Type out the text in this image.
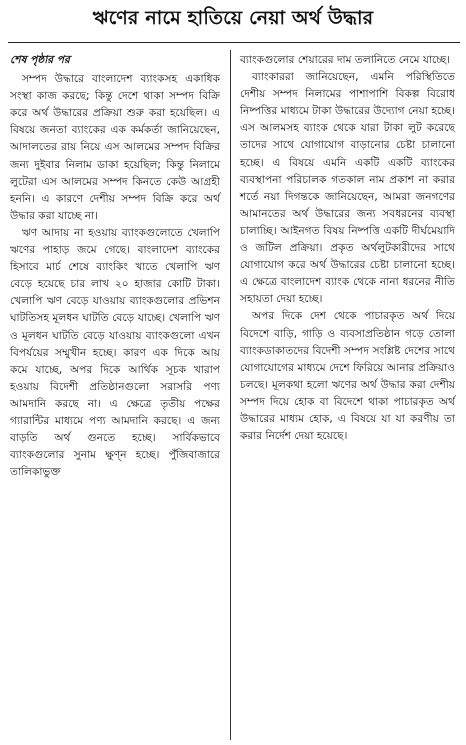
ঋণের নামে হাতিয়ে নেয়া অর্থ উদ্ধার
শেষ পৃষ্ঠার পর

সম্পদ উদ্ধারে বাংলাদেশ ব্যাংকসহ একাধিক সংস্থা কাজ করছে; কিন্তু দেশে থাকা সম্পদ বিক্রি করে অর্থ উদ্ধারের প্রক্রিয়া শুরু করা হয়েছিল। এ বিষয়ে জনতা ব্যাংকের এক কর্মকর্তা জানিয়েছেন, আদালতের রায় নিয়ে এস আলমের সম্পদ বিক্রির জন্য দুইবার নিলাম ডাকা হয়েছিল; কিন্তু নিলামে লুটেরা এস আলমের সম্পদ কিনতে কেউ আগ্রহী হননি। এ কারণে দেশীয় সম্পদ বিক্রি করে অর্থ উদ্ধার করা যাচ্ছে না।

ঋণ আদায় না হওয়ায় ব্যাংকগুলোতে খেলাপি ঋণের পাহাড় জমে গেছে। বাংলাদেশ ব্যাংকের হিসাবে মার্চ শেষে ব্যাংকিং খাতে খেলাপি ঋণ বেড়ে হয়েছে চার লাখ ২০ হাজার কোটি টাকা। খেলাপি ঋণ বেড়ে যাওয়ায় ব্যাংকগুলোর প্রভিশন ঘাটতিসহ মূলধন ঘাটতি বেড়ে যাচ্ছে। খেলাপি ঋণ ও মূলধন ঘাটতি বেড়ে যাওয়ায় ব্যাংকগুলো এখন বিপর্যয়ের সম্মুখীন হচ্ছে। কারণ এক দিকে আয় কমে যাচ্ছে, অপর দিকে আর্থিক সূচক খারাপ হওয়ায় বিদেশী প্রতিষ্ঠানগুলো সরাসরি পণ্য আমদানি করছে না। এ ক্ষেত্রে তৃতীয় পক্ষের গ্যারান্টির মাধ্যমে পণ্য আমদানি করছে। এ জন্য বাড়তি অর্থ গুনতে হচ্ছে। সার্বিকভাবে ব্যাংকগুলোর সুনাম ক্ষুণ্ন হচ্ছে। পুঁজিবাজারে তালিকাভুক্ত

ব্যাংকগুলোর শেয়ারের দাম তলানিতে নেমে যাচ্ছে।

ব্যাংকাররা জানিয়েছেন, এমনি পরিস্থিতিতে দেশীয় সম্পদ নিলামের পাশাপাশি বিকল্প বিরোধ নিষ্পত্তির মাধ্যমে টাকা উদ্ধারের উদ্যোগ নেয়া হচ্ছে। এস আলমসহ ব্যাংক থেকে যারা টাকা লুট করেছে তাদের সাথে যোগাযোগ বাড়ানোর চেষ্টা চালানো হচ্ছে। এ বিষয়ে এমনি একটি একটি ব্যাংকের ব্যবস্থাপনা পরিচালক গতকাল নাম প্রকাশ না করার শর্তে নয়া দিগন্তকে জানিয়েছেন, আমরা জনগণের আমানতের অর্থ উদ্ধারের জন্য সবধরনের ব্যবস্থা চালাচ্ছি। আইনগত বিষয় নিষ্পত্তি একটি দীর্ঘমেয়াদি ও জটিল প্রক্রিয়া। প্রকৃত অর্থলুটকারীদের সাথে যোগাযোগ করে অর্থ উদ্ধারের চেষ্টা চালানো হচ্ছে। এ ক্ষেত্রে বাংলাদেশ ব্যাংক থেকে নানা ধরনের নীতি সহায়তা দেয়া হচ্ছে।

অপর দিকে দেশ থেকে পাচারকৃত অর্থ দিয়ে বিদেশে বাড়ি, গাড়ি ও ব্যবসাপ্রতিষ্ঠান গড়ে তোলা ব্যাংকডাকাতদের বিদেশী সম্পদ সংশ্লিষ্ট দেশের সাথে যোগাযোগের মাধ্যমে দেশে ফিরিয়ে আনার প্রক্রিয়াও চলছে। মূলকথা হলো ঋণের অর্থ উদ্ধার করা দেশীয় সম্পদ দিয়ে হোক বা বিদেশে থাকা পাচারকৃত অর্থ উদ্ধারের মাধ্যম হোক, এ বিষয়ে যা যা করণীয় তা করার নির্দেশ দেয়া হয়েছে।
